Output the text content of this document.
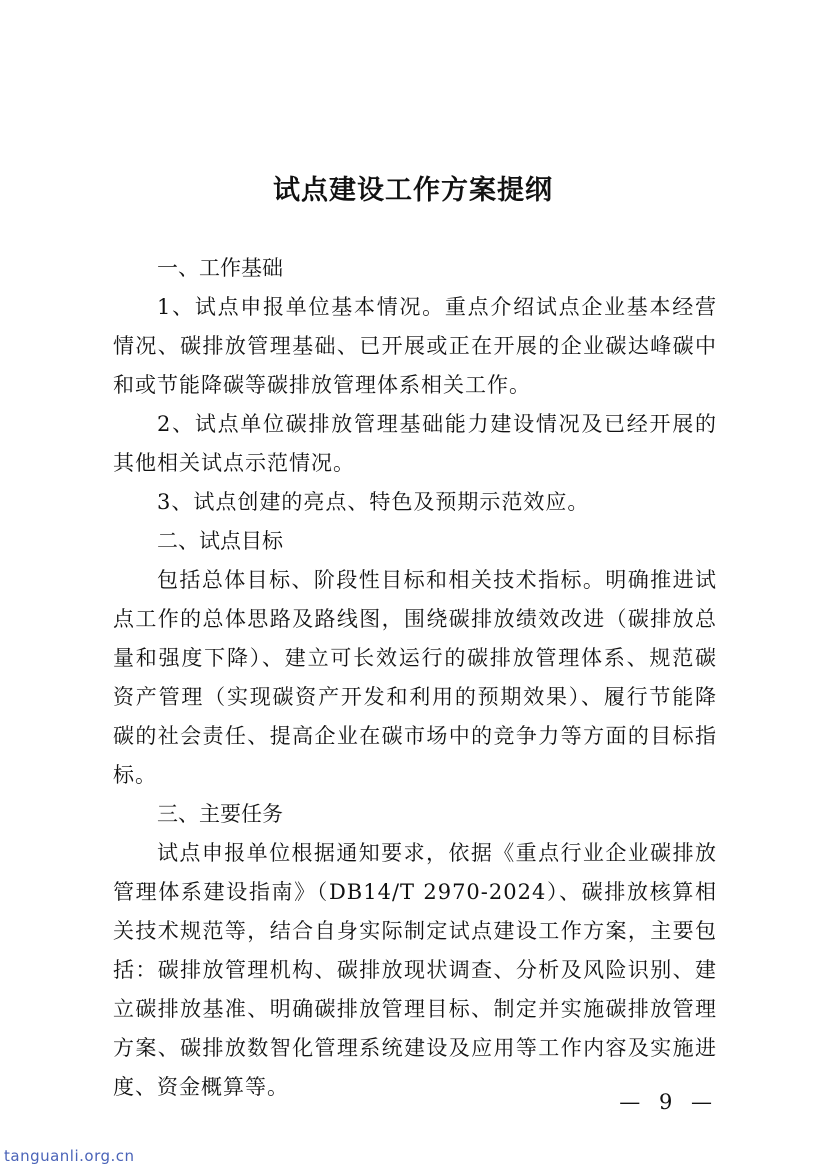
试点建设工作方案提纲
一、工作基础

1、试点申报单位基本情况。重点介绍试点企业基本经营情况、碳排放管理基础、已开展或正在开展的企业碳达峰碳中和或节能降碳等碳排放管理体系相关工作。

2、试点单位碳排放管理基础能力建设情况及已经开展的其他相关试点示范情况。

3、试点创建的亮点、特色及预期示范效应。

二、试点目标

包括总体目标、阶段性目标和相关技术指标。明确推进试点工作的总体思路及路线图，围绕碳排放绩效改进（碳排放总量和强度下降）、建立可长效运行的碳排放管理体系、规范碳资产管理（实现碳资产开发和利用的预期效果）、履行节能降碳的社会责任、提高企业在碳市场中的竞争力等方面的目标指标。

三、主要任务

试点申报单位根据通知要求，依据《重点行业企业碳排放管理体系建设指南》（DB14/T 2970-2024）、碳排放核算相关技术规范等，结合自身实际制定试点建设工作方案，主要包括：碳排放管理机构、碳排放现状调查、分析及风险识别、建立碳排放基准、明确碳排放管理目标、制定并实施碳排放管理方案、碳排放数智化管理系统建设及应用等工作内容及实施进度、资金概算等。

— 9 —
tanguanli.org.cn
